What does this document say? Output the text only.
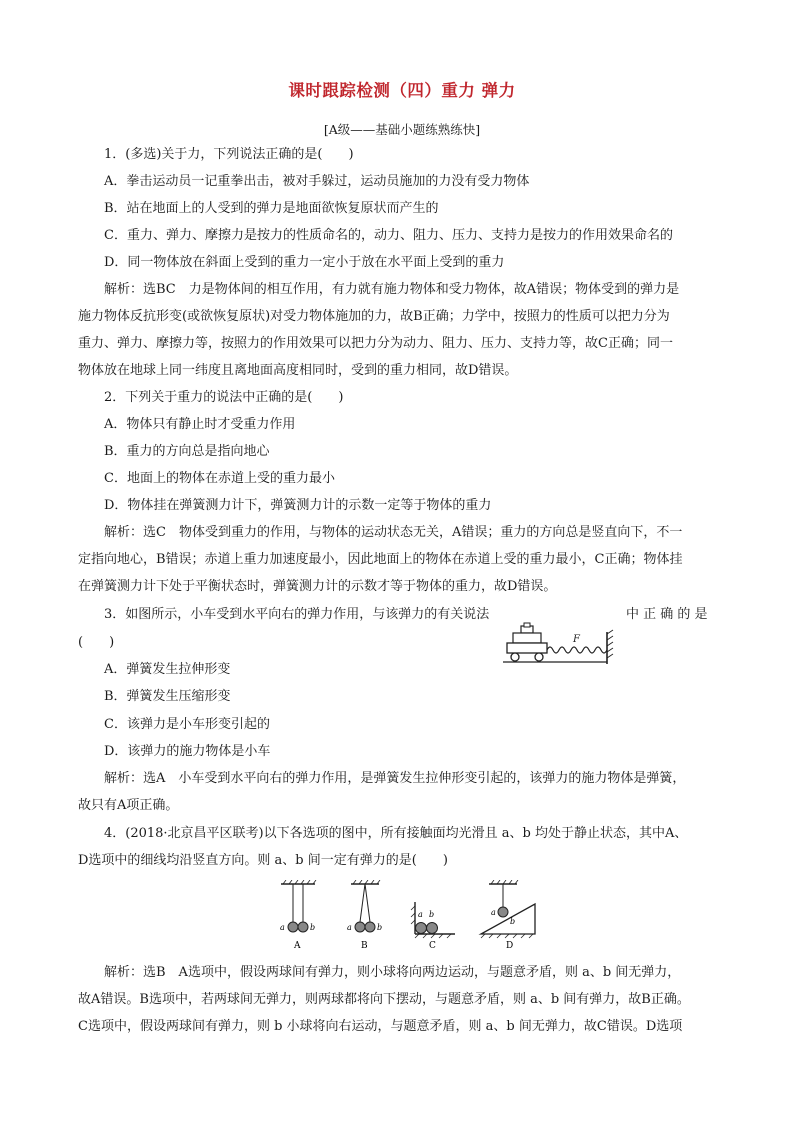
课时跟踪检测（四）重力 弹力
[A级——基础小题练熟练快]
1．(多选)关于力，下列说法正确的是(　　)
A．拳击运动员一记重拳出击，被对手躲过，运动员施加的力没有受力物体
B．站在地面上的人受到的弹力是地面欲恢复原状而产生的
C．重力、弹力、摩擦力是按力的性质命名的，动力、阻力、压力、支持力是按力的作用效果命名的
D．同一物体放在斜面上受到的重力一定小于放在水平面上受到的重力
解析：选BC　力是物体间的相互作用，有力就有施力物体和受力物体，故A错误；物体受到的弹力是
施力物体反抗形变(或欲恢复原状)对受力物体施加的力，故B正确；力学中，按照力的性质可以把力分为
重力、弹力、摩擦力等，按照力的作用效果可以把力分为动力、阻力、压力、支持力等，故C正确；同一
物体放在地球上同一纬度且离地面高度相同时，受到的重力相同，故D错误。
2．下列关于重力的说法中正确的是(　　)
A．物体只有静止时才受重力作用
B．重力的方向总是指向地心
C．地面上的物体在赤道上受的重力最小
D．物体挂在弹簧测力计下，弹簧测力计的示数一定等于物体的重力
解析：选C　物体受到重力的作用，与物体的运动状态无关，A错误；重力的方向总是竖直向下，不一
定指向地心，B错误；赤道上重力加速度最小，因此地面上的物体在赤道上受的重力最小，C正确；物体挂
在弹簧测力计下处于平衡状态时，弹簧测力计的示数才等于物体的重力，故D错误。
3．如图所示，小车受到水平向右的弹力作用，与该弹力的有关说法	中 正 确 的 是
(　　)	F
A．弹簧发生拉伸形变
B．弹簧发生压缩形变
C．该弹力是小车形变引起的
D．该弹力的施力物体是小车
解析：选A　小车受到水平向右的弹力作用，是弹簧发生拉伸形变引起的，该弹力的施力物体是弹簧，
故只有A项正确。
4．(2018·北京昌平区联考)以下各选项的图中，所有接触面均光滑且 a、b 均处于静止状态，其中A、
D选项中的细线均沿竖直方向。则 a、b 间一定有弹力的是(　　)
a	b
A
a	b
B
a b
C
a
b
D
解析：选B　A选项中，假设两球间有弹力，则小球将向两边运动，与题意矛盾，则 a、b 间无弹力，
故A错误。B选项中，若两球间无弹力，则两球都将向下摆动，与题意矛盾，则 a、b 间有弹力，故B正确。
C选项中，假设两球间有弹力，则 b 小球将向右运动，与题意矛盾，则 a、b 间无弹力，故C错误。D选项
